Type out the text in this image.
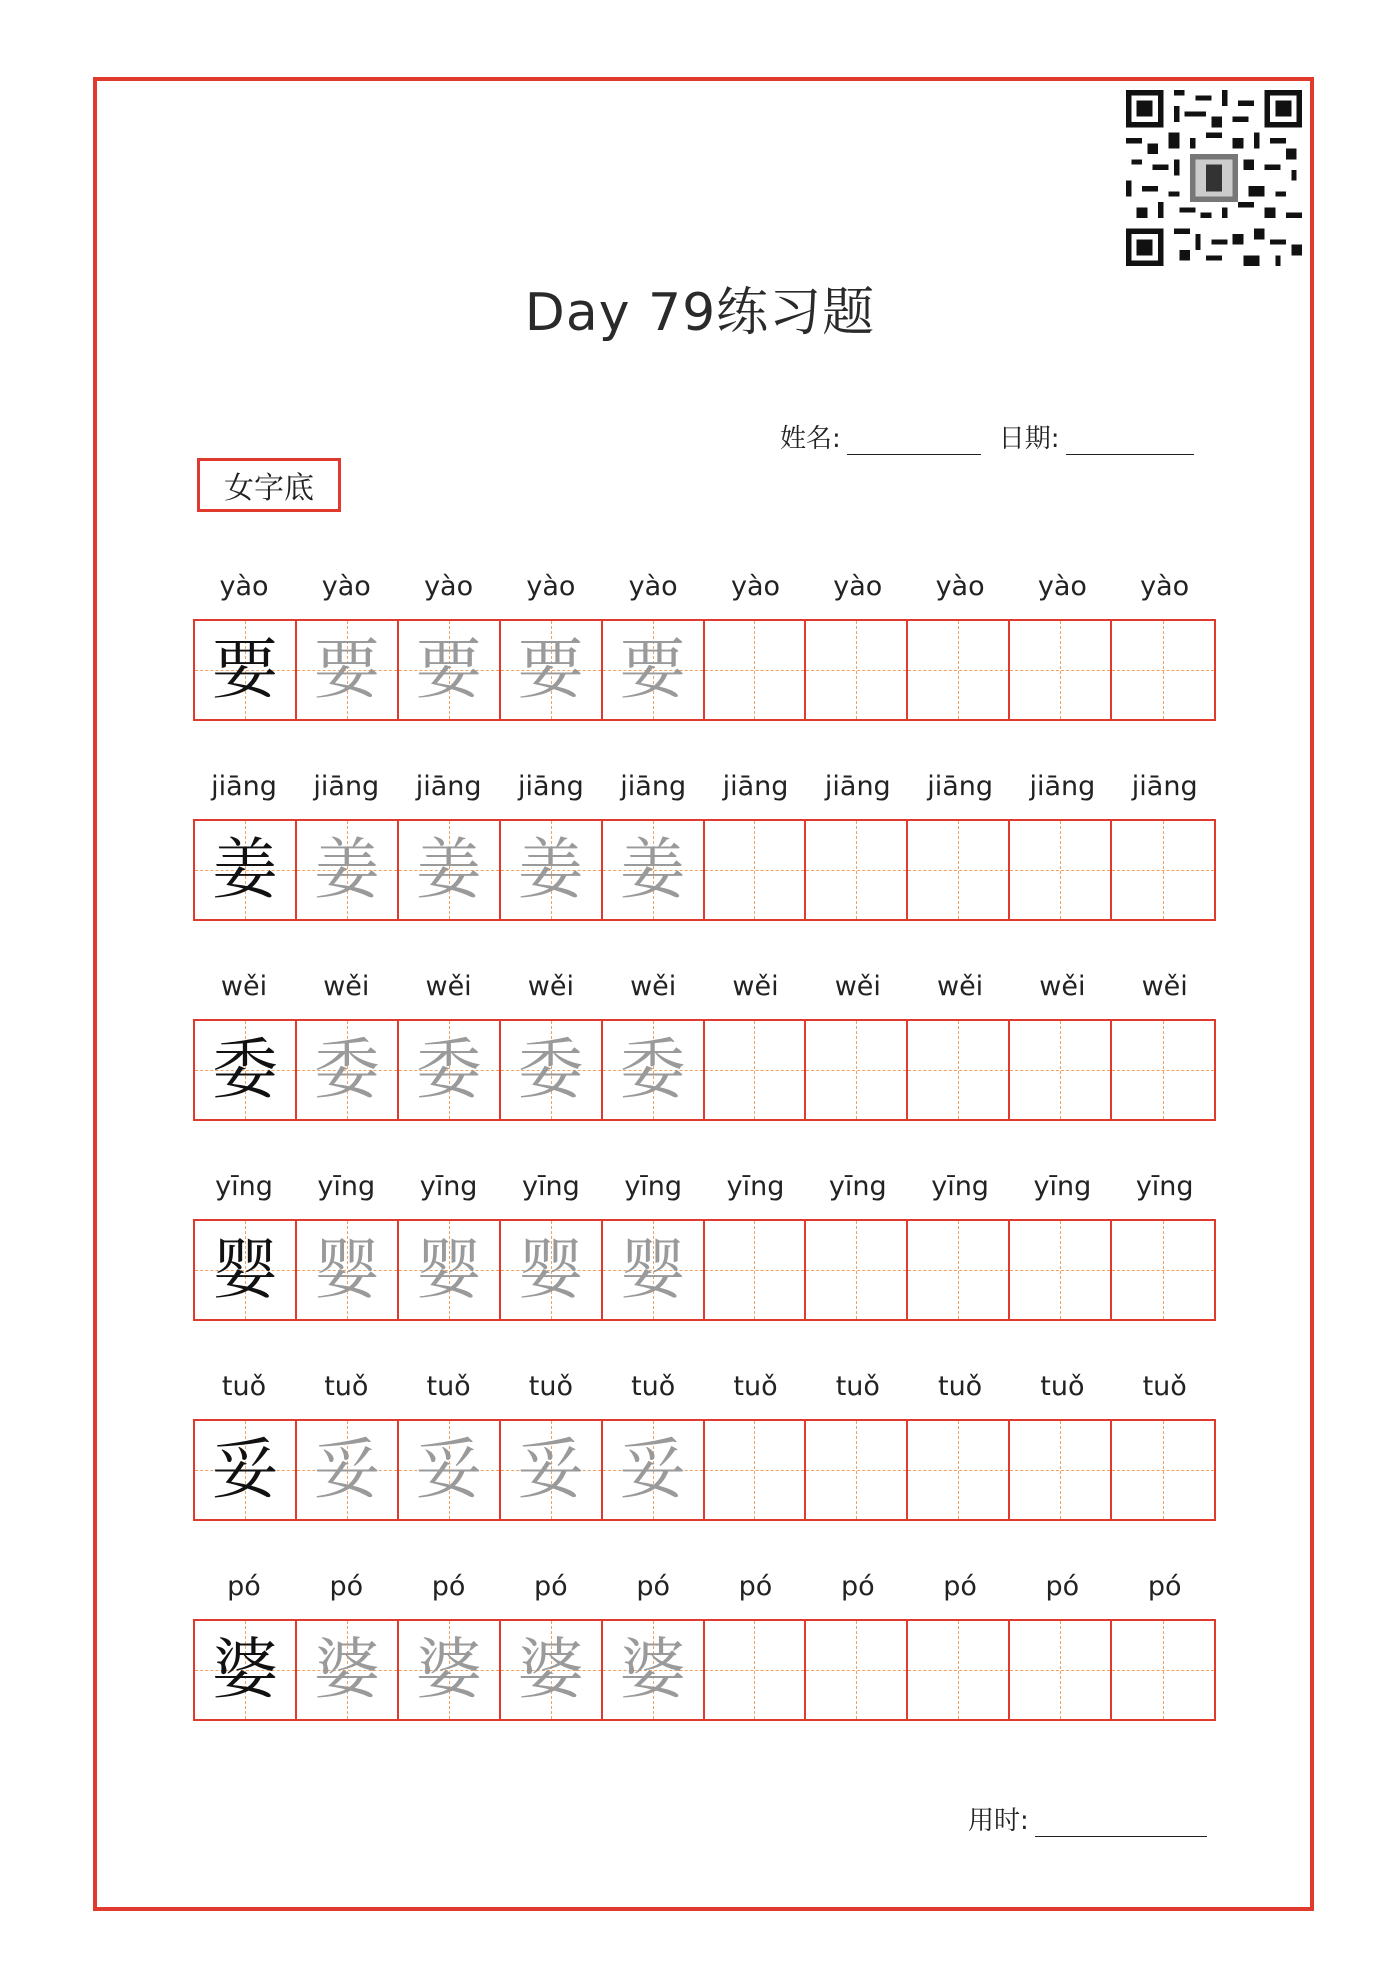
Day 79练习题
姓名:	日期:
女字底
yào	yào	yào	yào	yào	yào	yào	yào	yào	yào
要 要 要 要 要
jiāng	jiāng	jiāng	jiāng	jiāng	jiāng	jiāng	jiāng	jiāng	jiāng
姜 姜 姜 姜 姜
wěi	wěi	wěi	wěi	wěi	wěi	wěi	wěi	wěi	wěi
委 委 委 委 委
yīng	yīng	yīng	yīng	yīng	yīng	yīng	yīng	yīng	yīng
婴 婴 婴 婴 婴
tuǒ	tuǒ	tuǒ	tuǒ	tuǒ	tuǒ	tuǒ	tuǒ	tuǒ	tuǒ
妥 妥 妥 妥 妥
pó	pó	pó	pó	pó	pó	pó	pó	pó	pó
婆 婆 婆 婆 婆
用时:
